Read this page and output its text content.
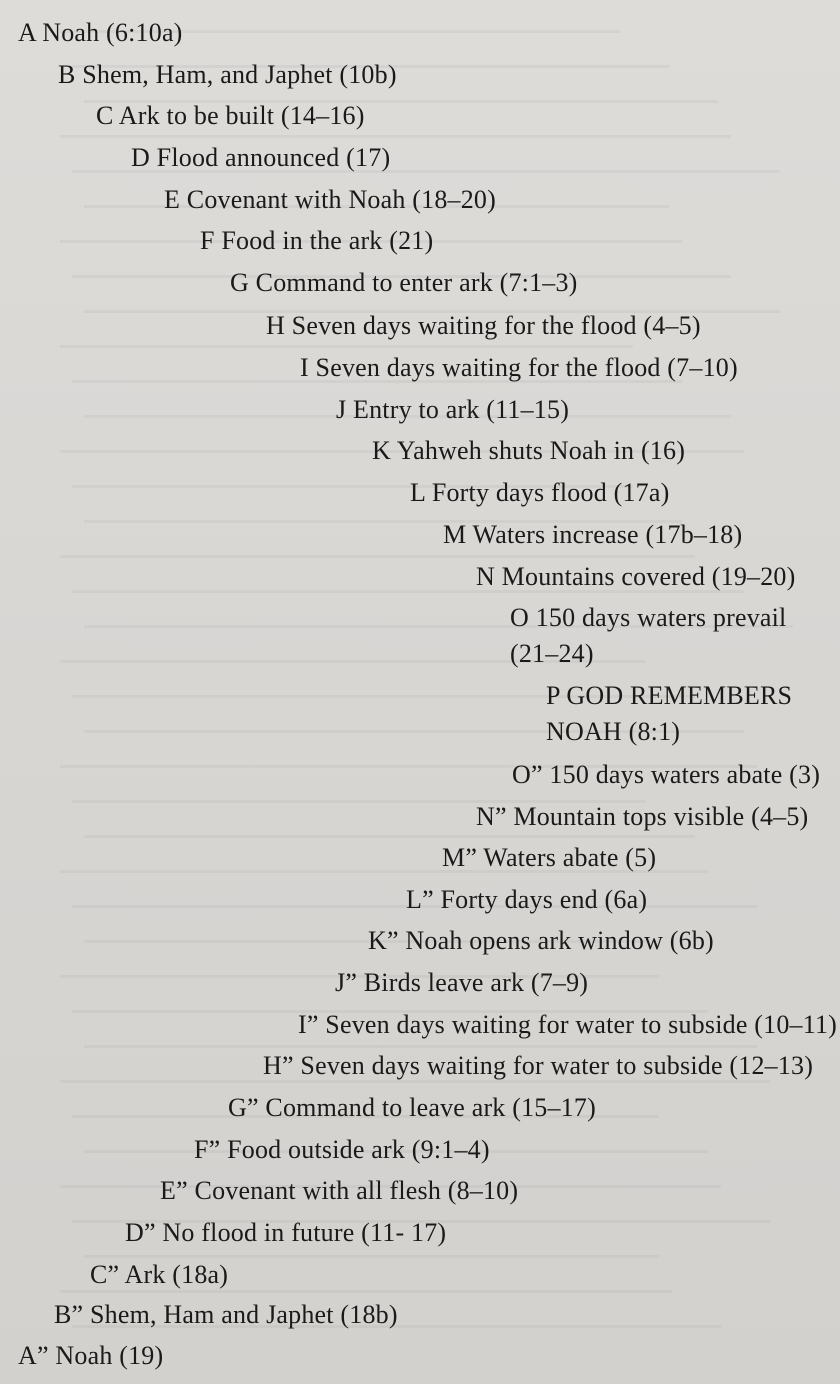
A Noah (6:10a)
B Shem, Ham, and Japhet (10b)
C Ark to be built (14–16)
D Flood announced (17)
E Covenant with Noah (18–20)
F Food in the ark (21)
G Command to enter ark (7:1–3)
H Seven days waiting for the flood (4–5)
I Seven days waiting for the flood (7–10)
J Entry to ark (11–15)
K Yahweh shuts Noah in (16)
L Forty days flood (17a)
M Waters increase (17b–18)
N Mountains covered (19–20)
O 150 days waters prevail
(21–24)
P GOD REMEMBERS
NOAH (8:1)
O” 150 days waters abate (3)
N” Mountain tops visible (4–5)
M” Waters abate (5)
L” Forty days end (6a)
K” Noah opens ark window (6b)
J” Birds leave ark (7–9)
I” Seven days waiting for water to subside (10–11)
H” Seven days waiting for water to subside (12–13)
G” Command to leave ark (15–17)
F” Food outside ark (9:1–4)
E” Covenant with all flesh (8–10)
D” No flood in future (11- 17)
C” Ark (18a)
B” Shem, Ham and Japhet (18b)
A” Noah (19)
